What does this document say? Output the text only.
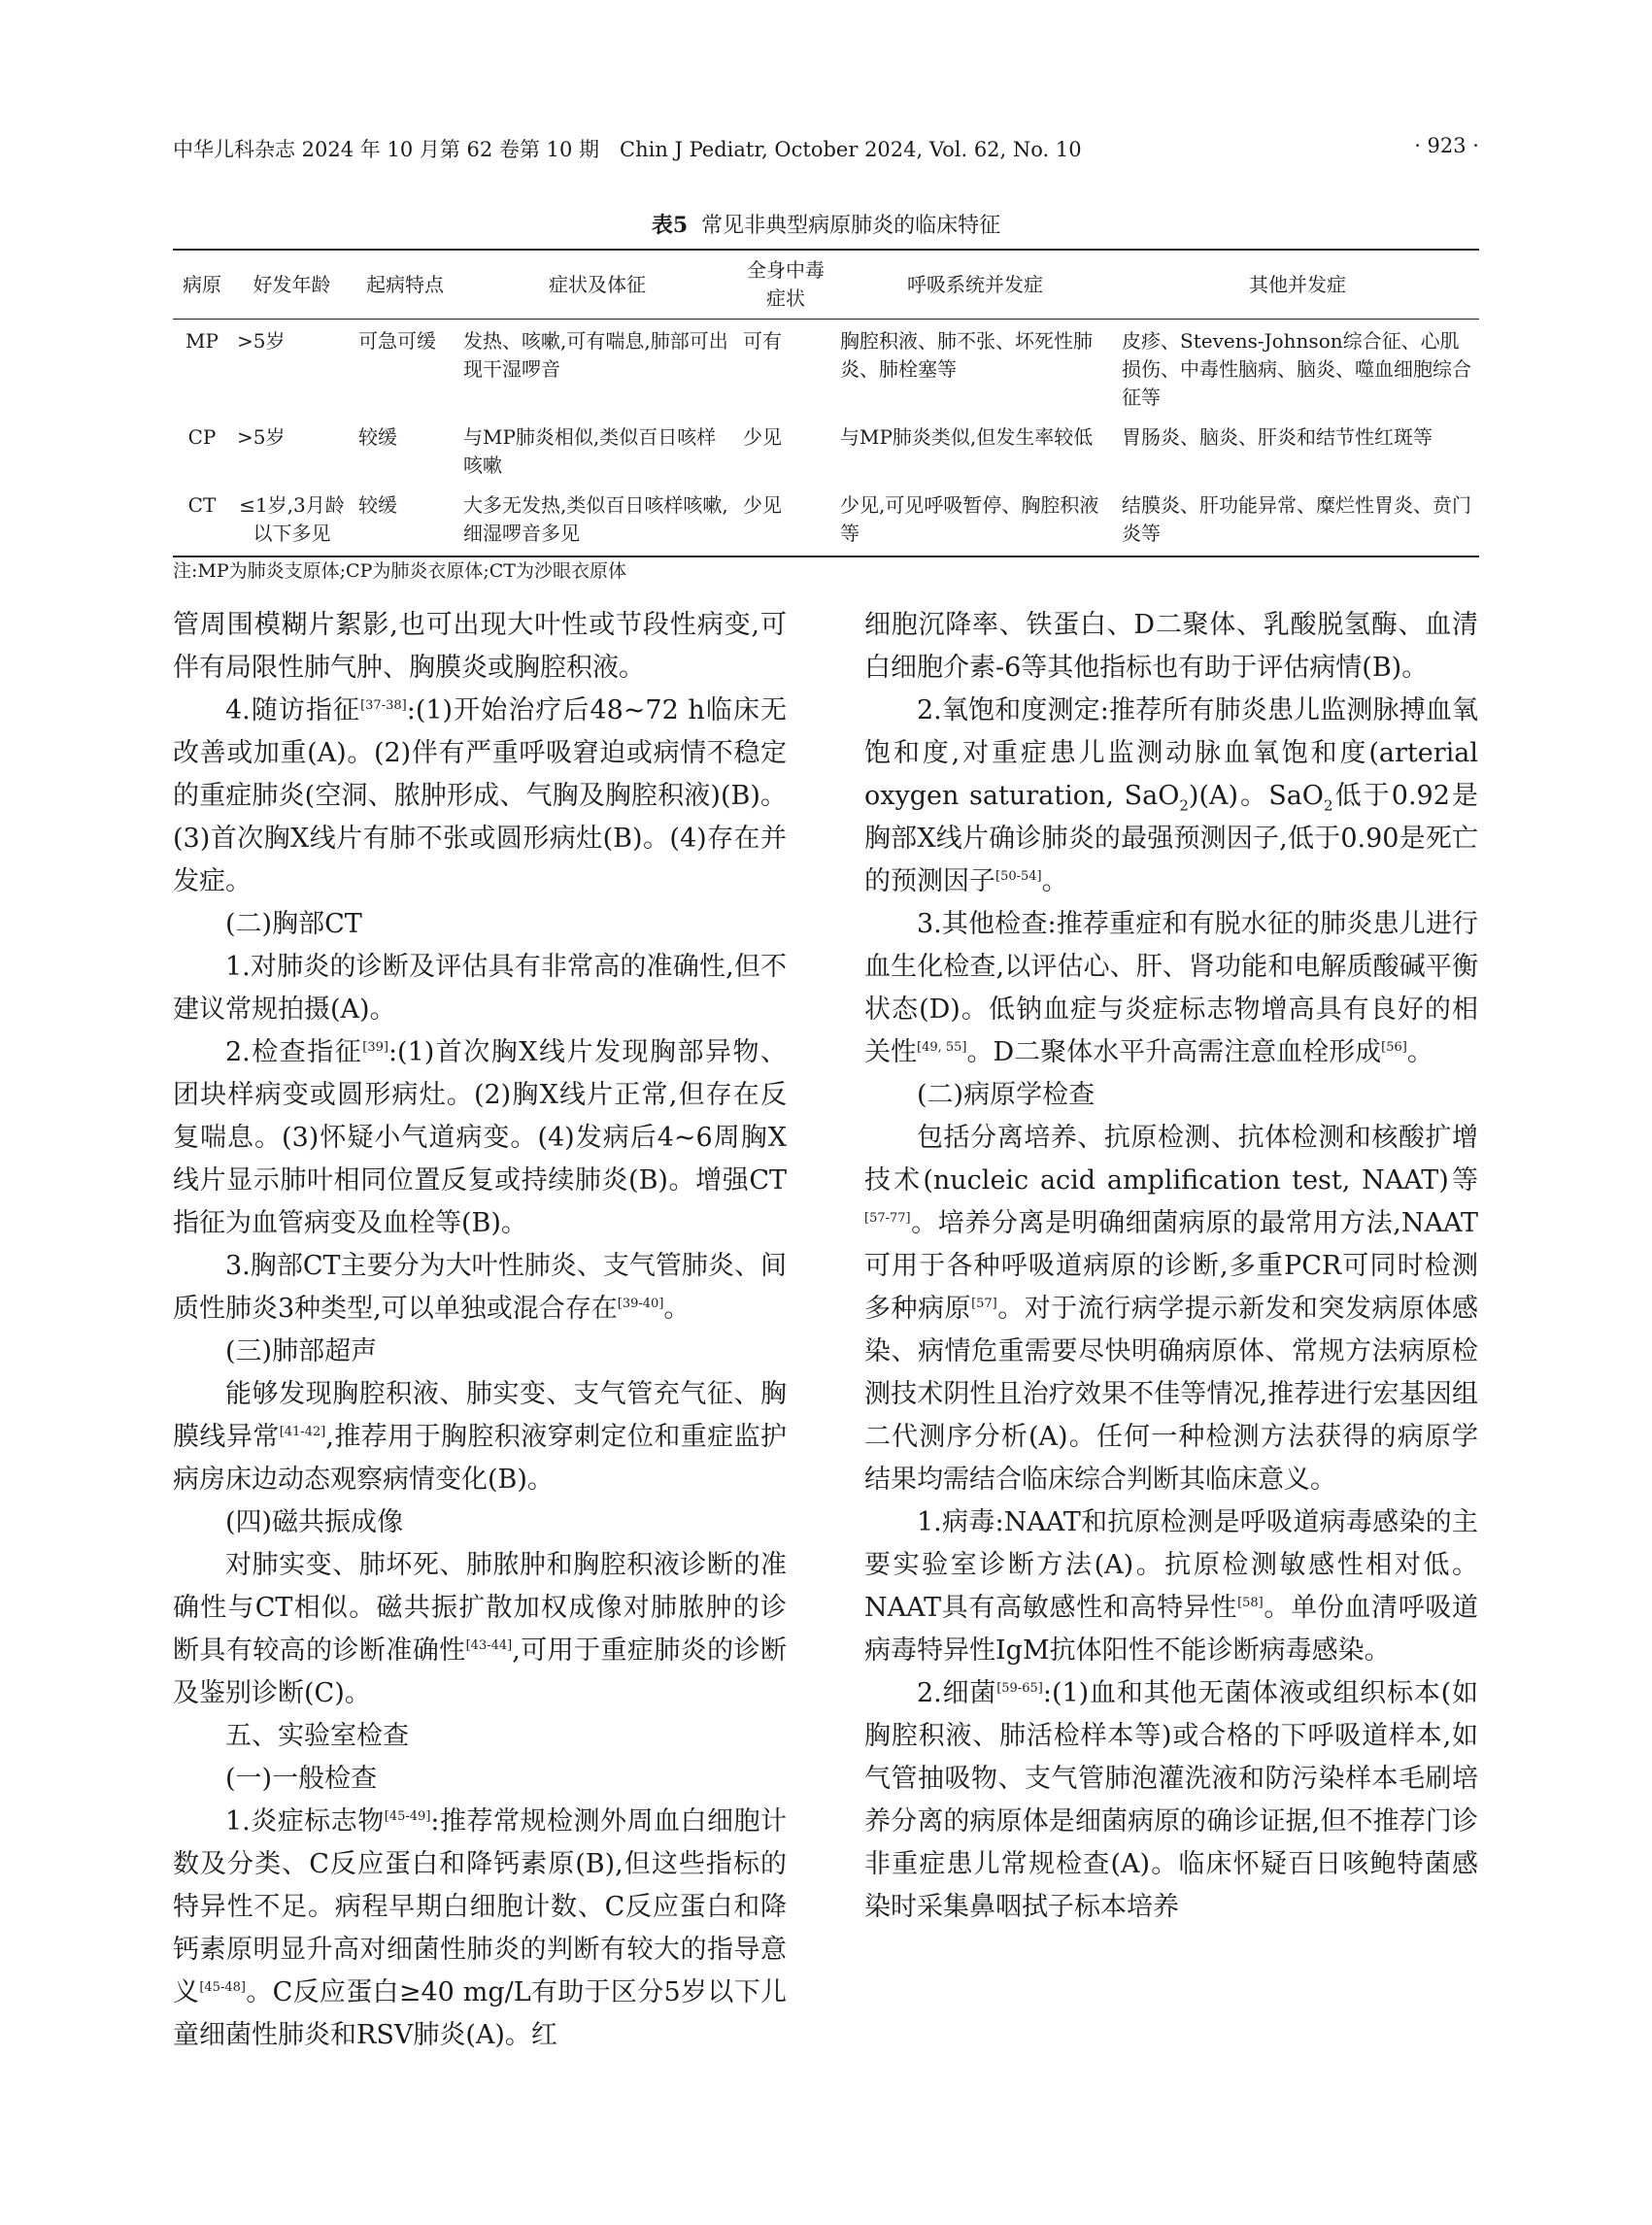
中华儿科杂志 2024 年 10 月第 62 卷第 10 期　Chin J Pediatr, October 2024, Vol. 62, No. 10	· 923 ·
表5 常见非典型病原肺炎的临床特征
病原	好发年龄	起病特点	症状及体征	全身中毒症状	呼吸系统并发症	其他并发症
MP	>5岁	可急可缓	发热、咳嗽,可有喘息,肺部可出现干湿啰音	可有	胸腔积液、肺不张、坏死性肺炎、肺栓塞等	皮疹、Stevens-Johnson综合征、心肌损伤、中毒性脑病、脑炎、噬血细胞综合征等
CP	>5岁	较缓	与MP肺炎相似,类似百日咳样咳嗽	少见	与MP肺炎类似,但发生率较低	胃肠炎、脑炎、肝炎和结节性红斑等
CT	≤1岁,3月龄以下多见	较缓	大多无发热,类似百日咳样咳嗽,细湿啰音多见	少见	少见,可见呼吸暂停、胸腔积液等	结膜炎、肝功能异常、糜烂性胃炎、贲门炎等
注:MP为肺炎支原体;CP为肺炎衣原体;CT为沙眼衣原体

管周围模糊片絮影,也可出现大叶性或节段性病变,可伴有局限性肺气肿、胸膜炎或胸腔积液。

4.随访指征[37-38]:(1)开始治疗后48~72 h临床无改善或加重(A)。(2)伴有严重呼吸窘迫或病情不稳定的重症肺炎(空洞、脓肿形成、气胸及胸腔积液)(B)。(3)首次胸X线片有肺不张或圆形病灶(B)。(4)存在并发症。

(二)胸部CT

1.对肺炎的诊断及评估具有非常高的准确性,但不建议常规拍摄(A)。

2.检查指征[39]:(1)首次胸X线片发现胸部异物、团块样病变或圆形病灶。(2)胸X线片正常,但存在反复喘息。(3)怀疑小气道病变。(4)发病后4~6周胸X线片显示肺叶相同位置反复或持续肺炎(B)。增强CT指征为血管病变及血栓等(B)。

3.胸部CT主要分为大叶性肺炎、支气管肺炎、间质性肺炎3种类型,可以单独或混合存在[39-40]。

(三)肺部超声

能够发现胸腔积液、肺实变、支气管充气征、胸膜线异常[41-42],推荐用于胸腔积液穿刺定位和重症监护病房床边动态观察病情变化(B)。

(四)磁共振成像

对肺实变、肺坏死、肺脓肿和胸腔积液诊断的准确性与CT相似。磁共振扩散加权成像对肺脓肿的诊断具有较高的诊断准确性[43-44],可用于重症肺炎的诊断及鉴别诊断(C)。

五、实验室检查

(一)一般检查

1.炎症标志物[45-49]:推荐常规检测外周血白细胞计数及分类、C反应蛋白和降钙素原(B),但这些指标的特异性不足。病程早期白细胞计数、C反应蛋白和降钙素原明显升高对细菌性肺炎的判断有较大的指导意义[45-48]。C反应蛋白≥40 mg/L有助于区分5岁以下儿童细菌性肺炎和RSV肺炎(A)。红

细胞沉降率、铁蛋白、D二聚体、乳酸脱氢酶、血清白细胞介素-6等其他指标也有助于评估病情(B)。

2.氧饱和度测定:推荐所有肺炎患儿监测脉搏血氧饱和度,对重症患儿监测动脉血氧饱和度(arterial oxygen saturation, SaO$_2$)(A)。SaO$_2$低于0.92是胸部X线片确诊肺炎的最强预测因子,低于0.90是死亡的预测因子[50-54]。

3.其他检查:推荐重症和有脱水征的肺炎患儿进行血生化检查,以评估心、肝、肾功能和电解质酸碱平衡状态(D)。低钠血症与炎症标志物增高具有良好的相关性[49, 55]。D二聚体水平升高需注意血栓形成[56]。

(二)病原学检查

包括分离培养、抗原检测、抗体检测和核酸扩增技术(nucleic acid amplification test, NAAT)等[57-77]。培养分离是明确细菌病原的最常用方法,NAAT可用于各种呼吸道病原的诊断,多重PCR可同时检测多种病原[57]。对于流行病学提示新发和突发病原体感染、病情危重需要尽快明确病原体、常规方法病原检测技术阴性且治疗效果不佳等情况,推荐进行宏基因组二代测序分析(A)。任何一种检测方法获得的病原学结果均需结合临床综合判断其临床意义。

1.病毒:NAAT和抗原检测是呼吸道病毒感染的主要实验室诊断方法(A)。抗原检测敏感性相对低。NAAT具有高敏感性和高特异性[58]。单份血清呼吸道病毒特异性IgM抗体阳性不能诊断病毒感染。

2.细菌[59-65]:(1)血和其他无菌体液或组织标本(如胸腔积液、肺活检样本等)或合格的下呼吸道样本,如气管抽吸物、支气管肺泡灌洗液和防污染样本毛刷培养分离的病原体是细菌病原的确诊证据,但不推荐门诊非重症患儿常规检查(A)。临床怀疑百日咳鲍特菌感染时采集鼻咽拭子标本培养
